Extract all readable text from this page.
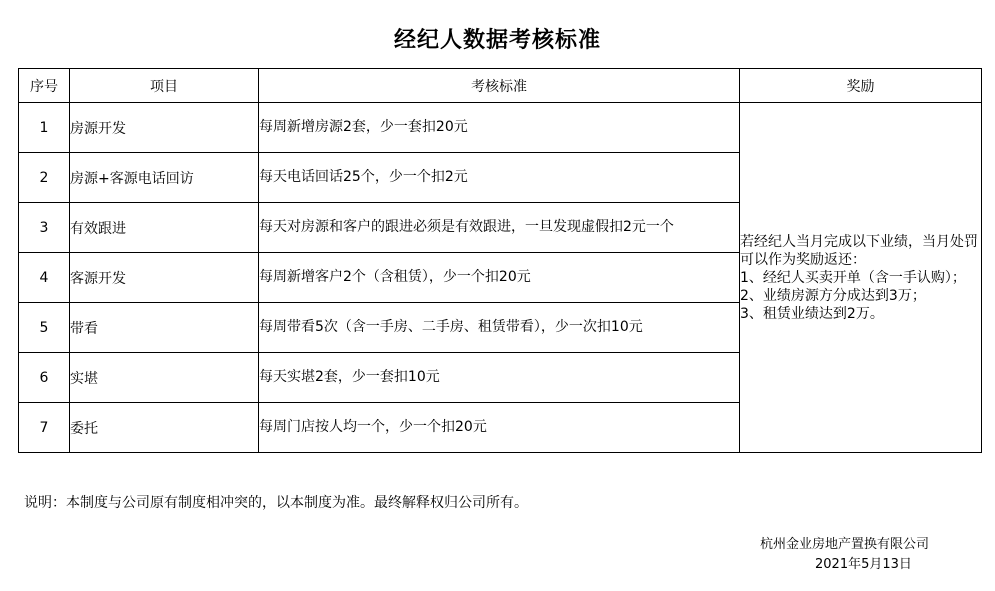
经纪人数据考核标准
序号	项目	考核标准	奖励
1	房源开发	每周新增房源2套，少一套扣20元	若经纪人当月完成以下业绩，当月处罚可以作为奖励返还：
1、经纪人买卖开单（含一手认购）；
2、业绩房源方分成达到3万；
3、租赁业绩达到2万。

2	房源+客源电话回访	每天电话回话25个，少一个扣2元	
3	有效跟进	每天对房源和客户的跟进必须是有效跟进，一旦发现虚假扣2元一个	
4	客源开发	每周新增客户2个（含租赁），少一个扣20元	
5	带看	每周带看5次（含一手房、二手房、租赁带看），少一次扣10元	
6	实堪	每天实堪2套，少一套扣10元	
7	委托	每周门店按人均一个，少一个扣20元	
说明：本制度与公司原有制度相冲突的，以本制度为准。最终解释权归公司所有。
杭州金业房地产置换有限公司
2021年5月13日
